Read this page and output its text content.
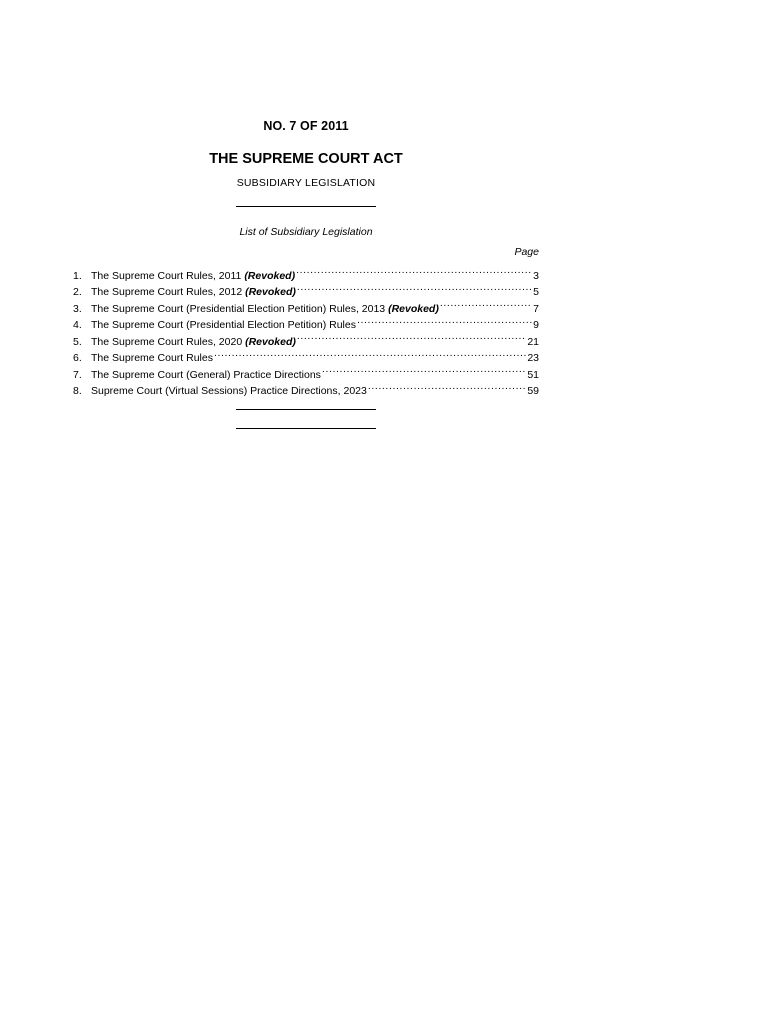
NO. 7 OF 2011
THE SUPREME COURT ACT
SUBSIDIARY LEGISLATION
List of Subsidiary Legislation
Page
1. The Supreme Court Rules, 2011 (Revoked) .....	3
2. The Supreme Court Rules, 2012 (Revoked) .....	5
3. The Supreme Court (Presidential Election Petition) Rules, 2013 (Revoked) .....	7
4. The Supreme Court (Presidential Election Petition) Rules .....	9
5. The Supreme Court Rules, 2020 (Revoked) .....	21
6. The Supreme Court Rules .....	23
7. The Supreme Court (General) Practice Directions .....	51
8. Supreme Court (Virtual Sessions) Practice Directions, 2023 .....	59
